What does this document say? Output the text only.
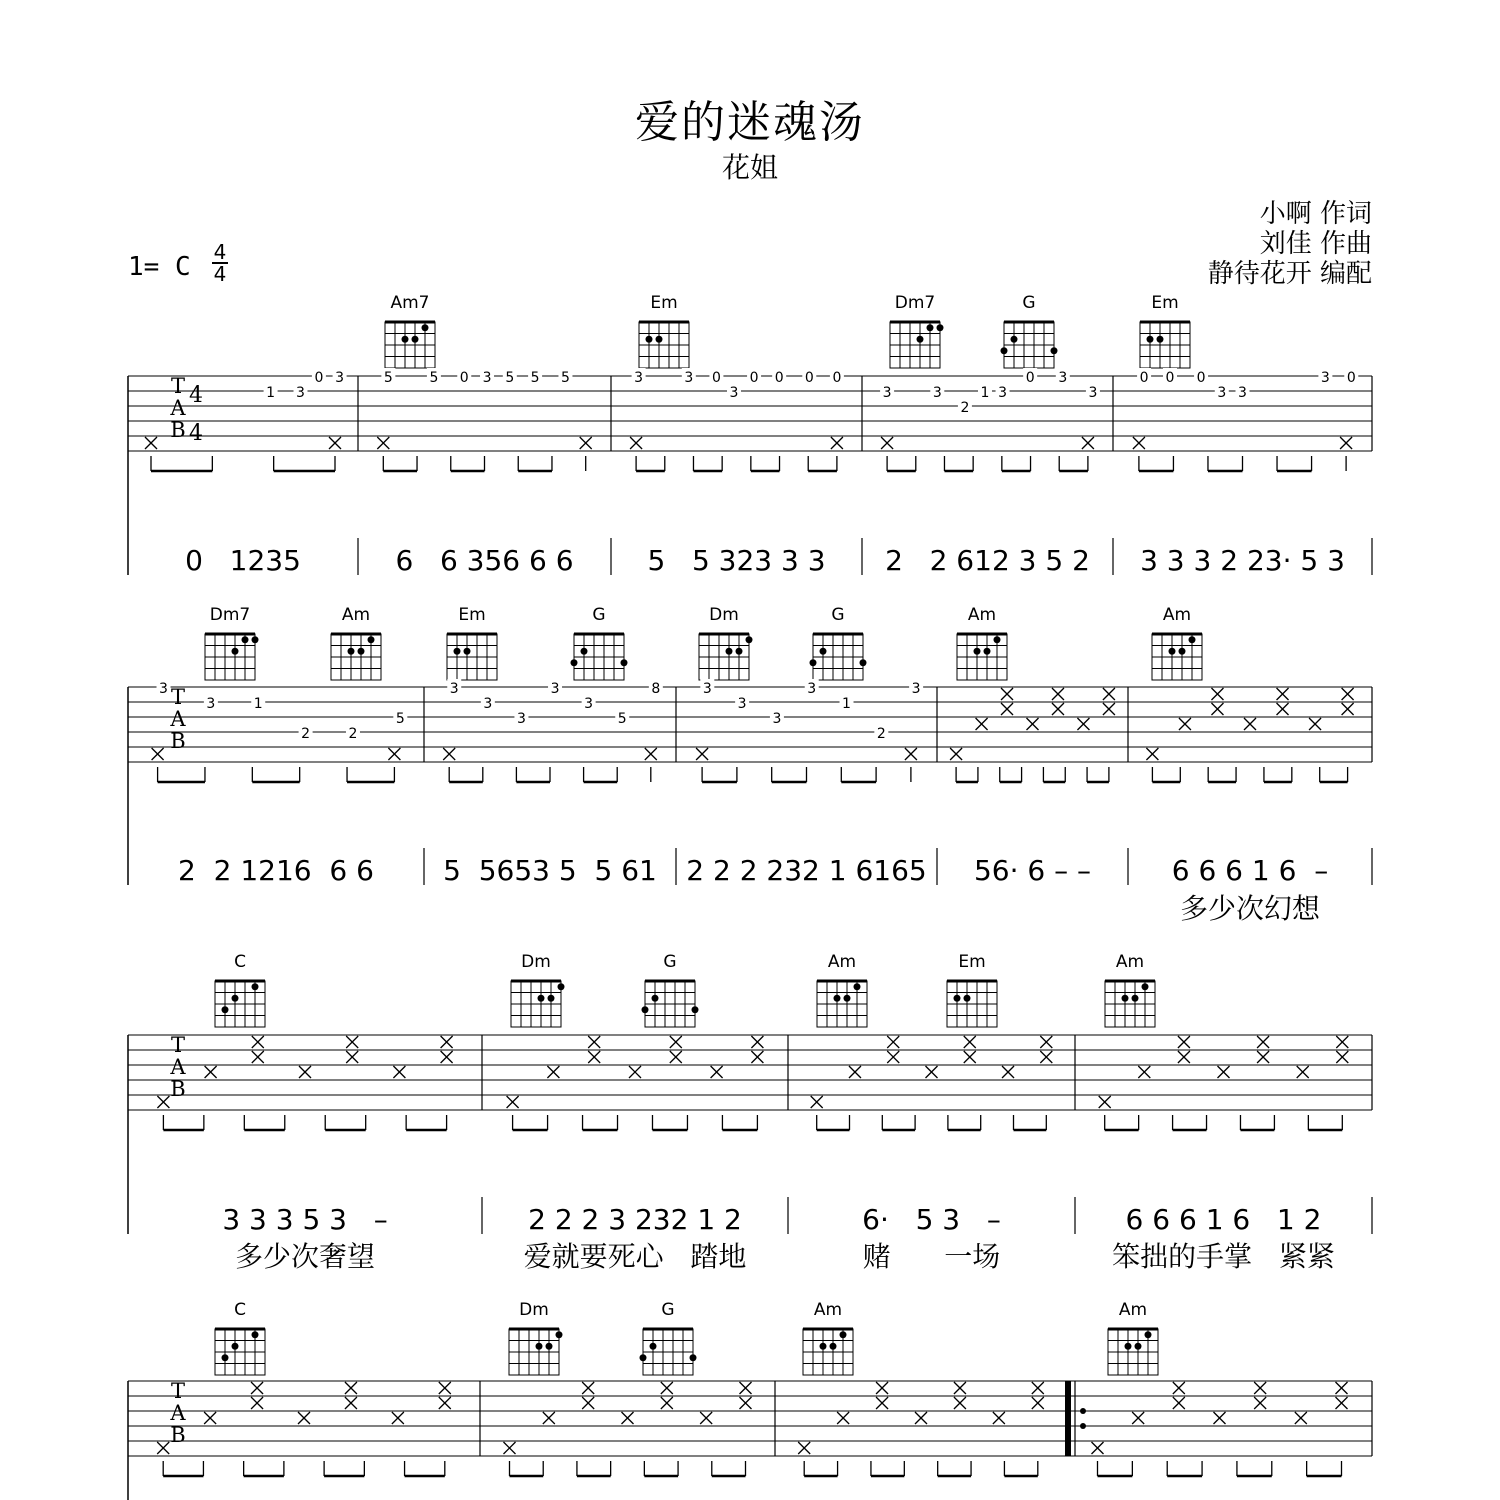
爱的迷魂汤
花姐
小啊 作词
刘佳 作曲
静待花开 编配
1= C 4
4
T
A
B
4
4
Am7
1 3
0 3
0   1235
Em
5	5 0 3 5 5 5
6   6 356 6 6
Dm7	G
3	3 0
3
0 0 0 0
5   5 323 3 3
Em
3	3
2
1 3
0 3
3
2   2 612 3 5 2
0 0 0
3 3
3 0
3 3 3 2 23· 5 3
T
A
B
Dm7	Am
3
3	1
2	2
5
2  2 1216  6 6
Em	G
3
3
3
3
3
5
8
5  5653 5  5 61
Dm	G
3
3
3
3
1
2
3
2 2 2 232 1 6165
Am
56· 6 – –
Am
6 6 6 1 6  –
多少次幻想
T
A
B
C
3 3 3 5 3   –
多少次奢望
Dm	G
2 2 2 3 232 1 2
爱就要死心   踏地
Am	Em
6·   5 3   –
赌      一场
Am
6 6 6 1 6   1 2
笨拙的手掌   紧紧
T
A
B
C	Dm	G	Am	Am
